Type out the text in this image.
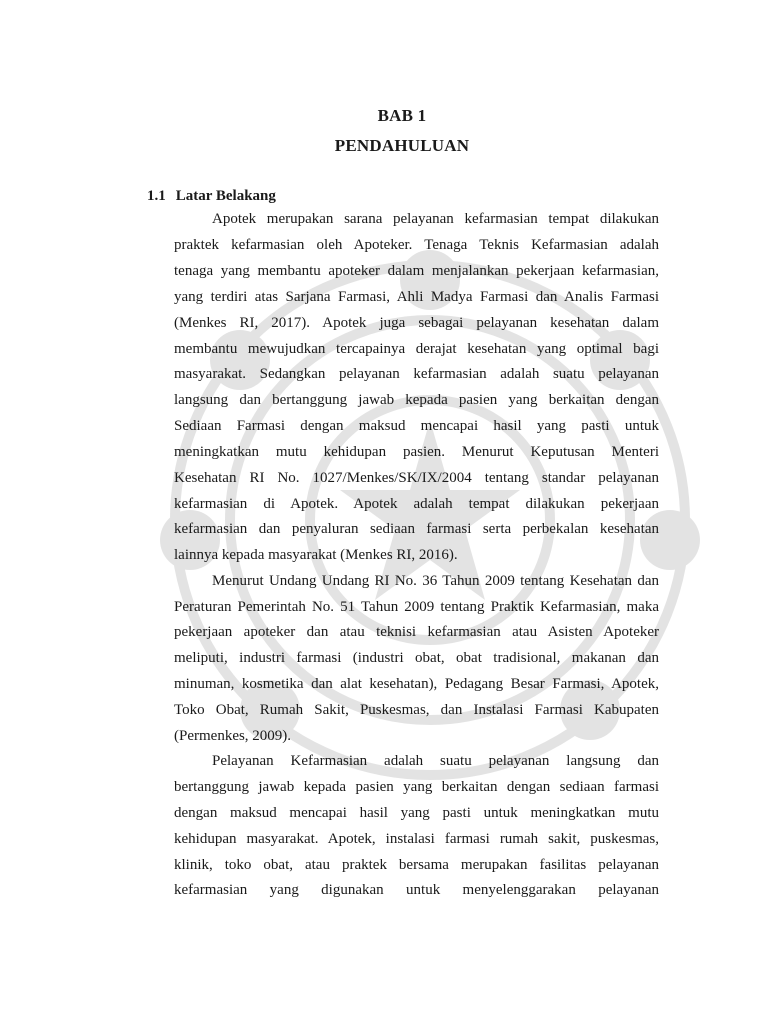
BAB 1
PENDAHULUAN
1.1 Latar Belakang
Apotek merupakan sarana pelayanan kefarmasian tempat dilakukan
praktek kefarmasian oleh Apoteker. Tenaga Teknis Kefarmasian adalah
tenaga yang membantu apoteker dalam menjalankan pekerjaan kefarmasian,
yang terdiri atas Sarjana Farmasi, Ahli Madya Farmasi dan Analis Farmasi
(Menkes RI, 2017). Apotek juga sebagai pelayanan kesehatan dalam
membantu mewujudkan tercapainya derajat kesehatan yang optimal bagi
masyarakat. Sedangkan pelayanan kefarmasian adalah suatu pelayanan
langsung dan bertanggung jawab kepada pasien yang berkaitan dengan
Sediaan Farmasi dengan maksud mencapai hasil yang pasti untuk
meningkatkan mutu kehidupan pasien. Menurut Keputusan Menteri
Kesehatan RI No. 1027/Menkes/SK/IX/2004 tentang standar pelayanan
kefarmasian di Apotek. Apotek adalah tempat dilakukan pekerjaan
kefarmasian dan penyaluran sediaan farmasi serta perbekalan kesehatan
lainnya kepada masyarakat (Menkes RI, 2016).
Menurut Undang Undang RI No. 36 Tahun 2009 tentang Kesehatan dan
Peraturan Pemerintah No. 51 Tahun 2009 tentang Praktik Kefarmasian, maka
pekerjaan apoteker dan atau teknisi kefarmasian atau Asisten Apoteker
meliputi, industri farmasi (industri obat, obat tradisional, makanan dan
minuman, kosmetika dan alat kesehatan), Pedagang Besar Farmasi, Apotek,
Toko Obat, Rumah Sakit, Puskesmas, dan Instalasi Farmasi Kabupaten
(Permenkes, 2009).
Pelayanan Kefarmasian adalah suatu pelayanan langsung dan
bertanggung jawab kepada pasien yang berkaitan dengan sediaan farmasi
dengan maksud mencapai hasil yang pasti untuk meningkatkan mutu
kehidupan masyarakat. Apotek, instalasi farmasi rumah sakit, puskesmas,
klinik, toko obat, atau praktek bersama merupakan fasilitas pelayanan
kefarmasian yang digunakan untuk menyelenggarakan pelayanan
